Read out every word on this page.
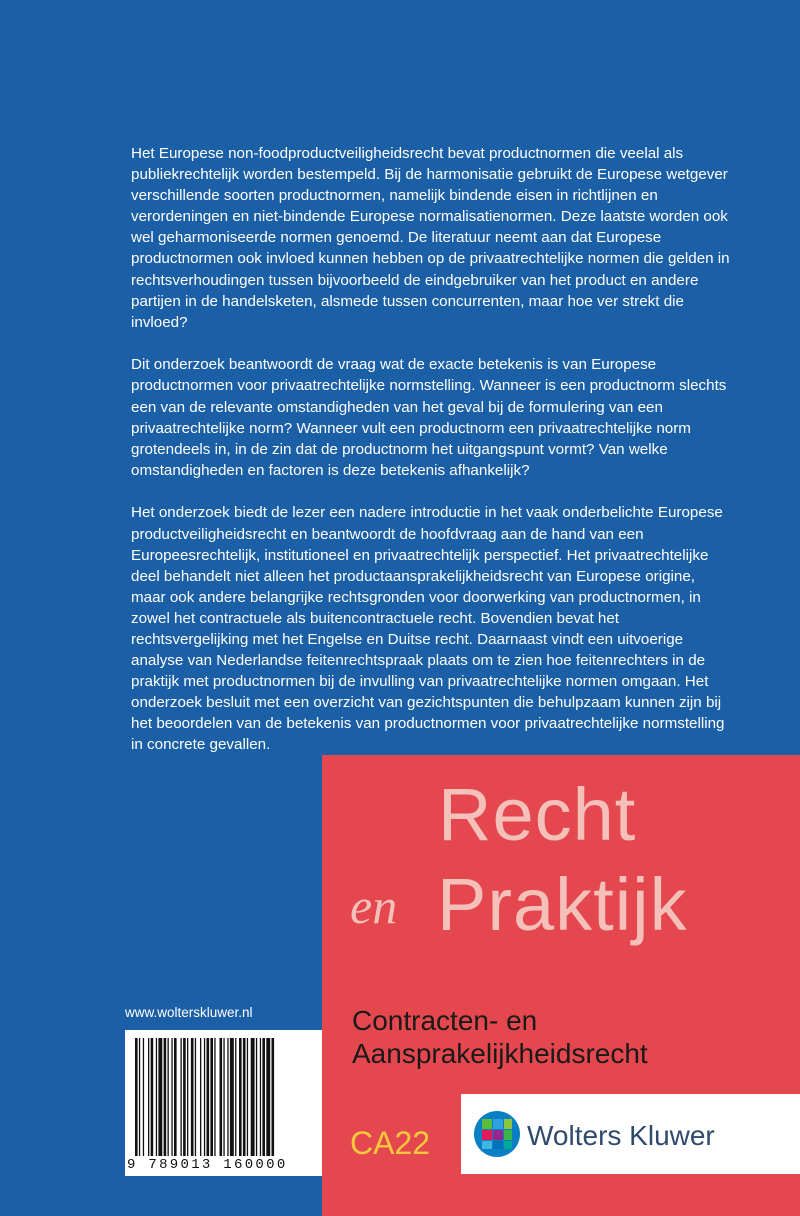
Het Europese non-foodproductveiligheidsrecht bevat productnormen die veelal als publiekrechtelijk worden bestempeld. Bij de harmonisatie gebruikt de Europese wetgever verschillende soorten productnormen, namelijk bindende eisen in richtlijnen en verordeningen en niet-bindende Europese normalisatienormen. Deze laatste worden ook wel geharmoniseerde normen genoemd. De literatuur neemt aan dat Europese productnormen ook invloed kunnen hebben op de privaatrechtelijke normen die gelden in rechtsverhoudingen tussen bijvoorbeeld de eindgebruiker van het product en andere partijen in de handelsketen, alsmede tussen concurrenten, maar hoe ver strekt die invloed?

Dit onderzoek beantwoordt de vraag wat de exacte betekenis is van Europese productnormen voor privaatrechtelijke normstelling. Wanneer is een productnorm slechts een van de relevante omstandigheden van het geval bij de formulering van een privaatrechtelijke norm? Wanneer vult een productnorm een privaatrechtelijke norm grotendeels in, in de zin dat de productnorm het uitgangspunt vormt? Van welke omstandigheden en factoren is deze betekenis afhankelijk?

Het onderzoek biedt de lezer een nadere introductie in het vaak onderbelichte Europese productveiligheidsrecht en beantwoordt de hoofdvraag aan de hand van een Europeesrechtelijk, institutioneel en privaatrechtelijk perspectief. Het privaatrechtelijke deel behandelt niet alleen het productaansprakelijkheidsrecht van Europese origine, maar ook andere belangrijke rechtsgronden voor doorwerking van productnormen, in zowel het contractuele als buitencontractuele recht. Bovendien bevat het rechtsvergelijking met het Engelse en Duitse recht. Daarnaast vindt een uitvoerige analyse van Nederlandse feitenrechtspraak plaats om te zien hoe feitenrechters in de praktijk met productnormen bij de invulling van privaatrechtelijke normen omgaan. Het onderzoek besluit met een overzicht van gezichtspunten die behulpzaam kunnen zijn bij het beoordelen van de betekenis van productnormen voor privaatrechtelijke normstelling in concrete gevallen.

www.wolterskluwer.nl
9 789013 160000
Recht
en Praktijk
Contracten- en
Aansprakelijkheidsrecht
CA22	Wolters Kluwer
